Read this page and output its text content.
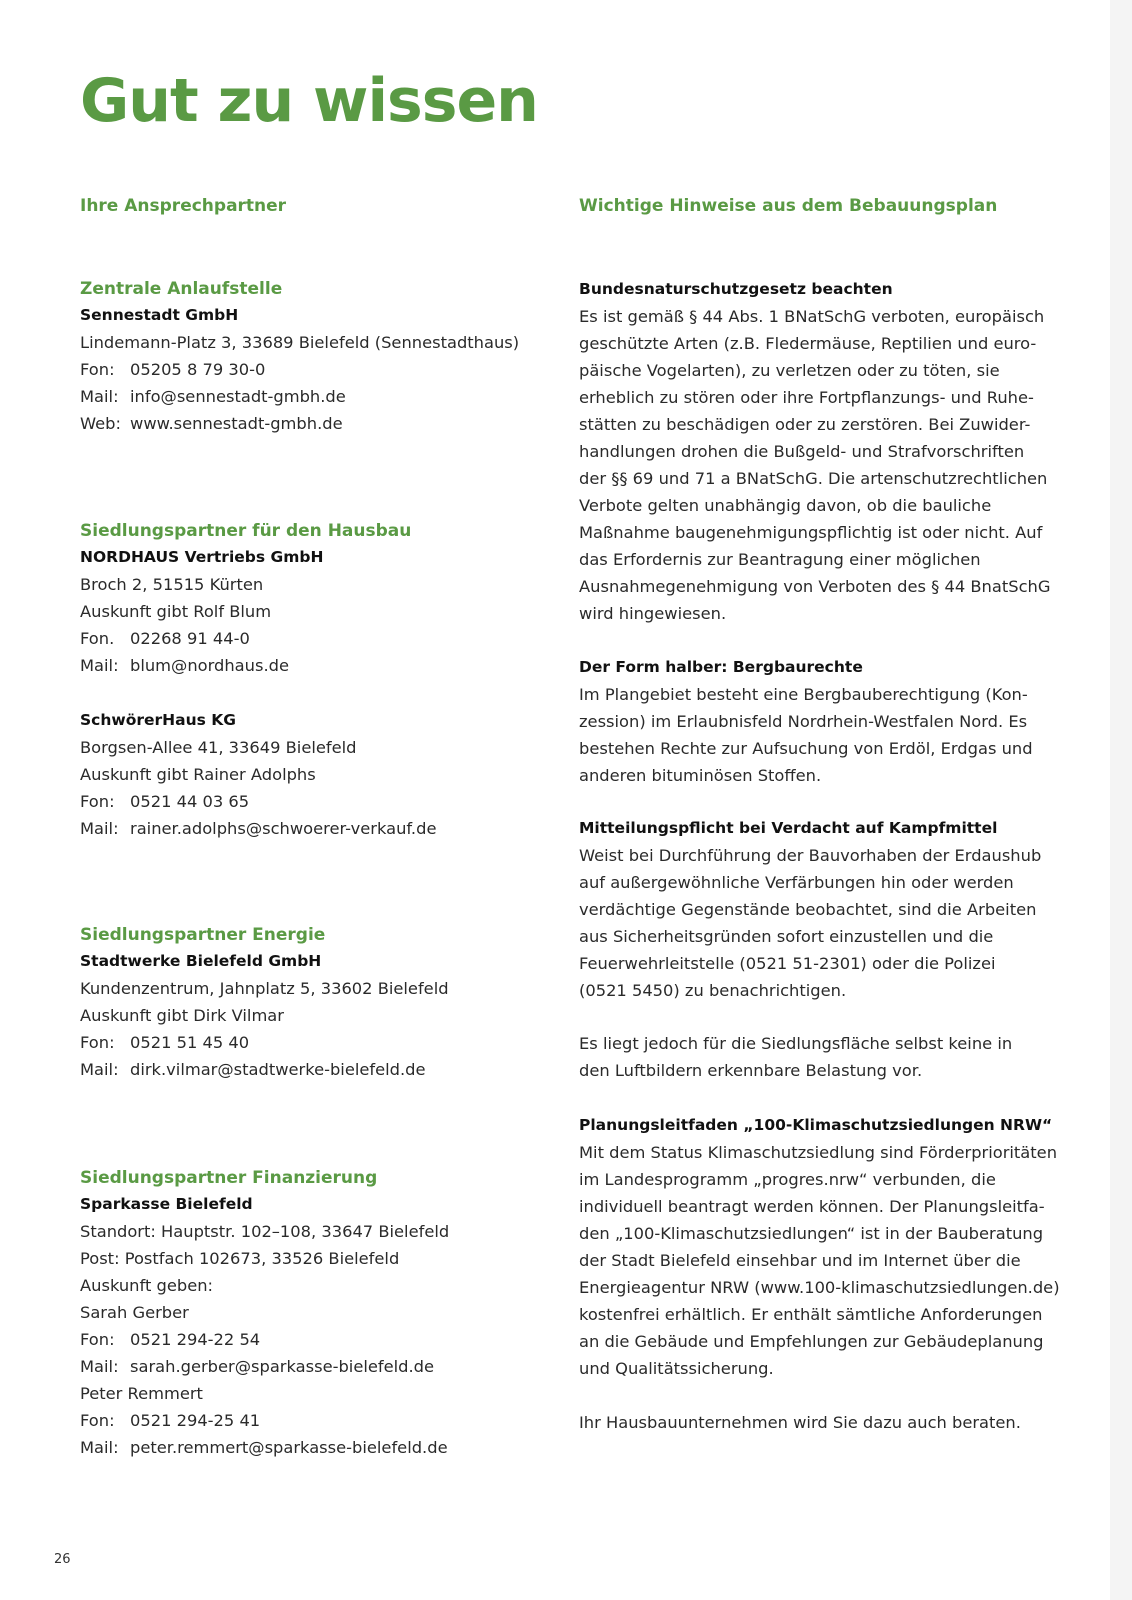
Gut zu wissen
Ihre Ansprechpartner
Zentrale Anlaufstelle
Sennestadt GmbH
Lindemann-Platz 3, 33689 Bielefeld (Sennestadthaus)
Fon: 05205 8 79 30-0
Mail: info@sennestadt-gmbh.de
Web: www.sennestadt-gmbh.de
Siedlungspartner für den Hausbau
NORDHAUS Vertriebs GmbH
Broch 2, 51515 Kürten
Auskunft gibt Rolf Blum
Fon. 02268 91 44-0
Mail: blum@nordhaus.de
SchwörerHaus KG
Borgsen-Allee 41, 33649 Bielefeld
Auskunft gibt Rainer Adolphs
Fon: 0521 44 03 65
Mail: rainer.adolphs@schwoerer-verkauf.de
Siedlungspartner Energie
Stadtwerke Bielefeld GmbH
Kundenzentrum, Jahnplatz 5, 33602 Bielefeld
Auskunft gibt Dirk Vilmar
Fon: 0521 51 45 40
Mail: dirk.vilmar@stadtwerke-bielefeld.de
Siedlungspartner Finanzierung
Sparkasse Bielefeld
Standort: Hauptstr. 102–108, 33647 Bielefeld
Post: Postfach 102673, 33526 Bielefeld
Auskunft geben:
Sarah Gerber
Fon: 0521 294-22 54
Mail: sarah.gerber@sparkasse-bielefeld.de
Peter Remmert
Fon: 0521 294-25 41
Mail: peter.remmert@sparkasse-bielefeld.de
Wichtige Hinweise aus dem Bebauungsplan
Bundesnaturschutzgesetz beachten

Es ist gemäß § 44 Abs. 1 BNatSchG verboten, europäisch

geschützte Arten (z.B. Fledermäuse, Reptilien und euro-

päische Vogelarten), zu verletzen oder zu töten, sie

erheblich zu stören oder ihre Fortpflanzungs- und Ruhe-

stätten zu beschädigen oder zu zerstören. Bei Zuwider-

handlungen drohen die Bußgeld- und Strafvorschriften

der §§ 69 und 71 a BNatSchG. Die artenschutzrechtlichen

Verbote gelten unabhängig davon, ob die bauliche

Maßnahme baugenehmigungspflichtig ist oder nicht. Auf

das Erfordernis zur Beantragung einer möglichen

Ausnahmegenehmigung von Verboten des § 44 BnatSchG

wird hingewiesen.

Der Form halber: Bergbaurechte

Im Plangebiet besteht eine Bergbauberechtigung (Kon-

zession) im Erlaubnisfeld Nordrhein-Westfalen Nord. Es

bestehen Rechte zur Aufsuchung von Erdöl, Erdgas und

anderen bituminösen Stoffen.

Mitteilungspflicht bei Verdacht auf Kampfmittel

Weist bei Durchführung der Bauvorhaben der Erdaushub

auf außergewöhnliche Verfärbungen hin oder werden

verdächtige Gegenstände beobachtet, sind die Arbeiten

aus Sicherheitsgründen sofort einzustellen und die

Feuerwehrleitstelle (0521 51-2301) oder die Polizei

(0521 5450) zu benachrichtigen.

Es liegt jedoch für die Siedlungsfläche selbst keine in

den Luftbildern erkennbare Belastung vor.

Planungsleitfaden „100-Klimaschutzsiedlungen NRW“

Mit dem Status Klimaschutzsiedlung sind Förderprioritäten

im Landesprogramm „progres.nrw“ verbunden, die

individuell beantragt werden können. Der Planungsleitfa-

den „100-Klimaschutzsiedlungen“ ist in der Bauberatung

der Stadt Bielefeld einsehbar und im Internet über die

Energieagentur NRW (www.100-klimaschutzsiedlungen.de)

kostenfrei erhältlich. Er enthält sämtliche Anforderungen

an die Gebäude und Empfehlungen zur Gebäudeplanung

und Qualitätssicherung.

Ihr Hausbauunternehmen wird Sie dazu auch beraten.

26
